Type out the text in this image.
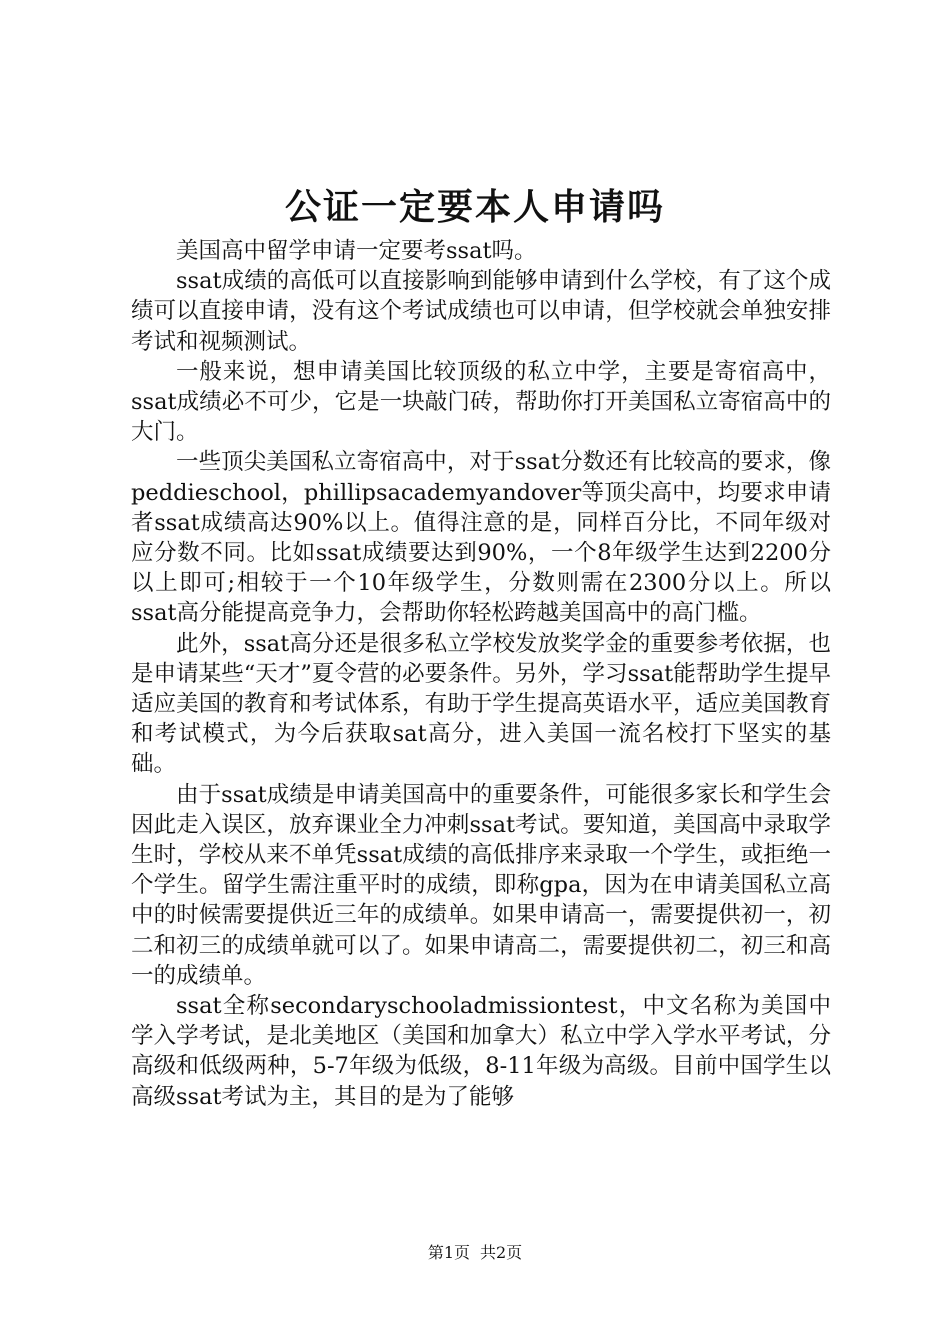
公证一定要本人申请吗

美国高中留学申请一定要考ssat吗。

ssat成绩的高低可以直接影响到能够申请到什么学校，有了这个成绩可以直接申请，没有这个考试成绩也可以申请，但学校就会单独安排考试和视频测试。

一般来说，想申请美国比较顶级的私立中学，主要是寄宿高中，ssat成绩必不可少，它是一块敲门砖，帮助你打开美国私立寄宿高中的大门。

一些顶尖美国私立寄宿高中，对于ssat分数还有比较高的要求，像peddieschool，phillipsacademyandover等顶尖高中，均要求申请者ssat成绩高达90%以上。值得注意的是，同样百分比，不同年级对应分数不同。比如ssat成绩要达到90%，一个8年级学生达到2200分以上即可;相较于一个10年级学生，分数则需在2300分以上。所以ssat高分能提高竞争力，会帮助你轻松跨越美国高中的高门槛。

此外，ssat高分还是很多私立学校发放奖学金的重要参考依据，也是申请某些“天才”夏令营的必要条件。另外，学习ssat能帮助学生提早适应美国的教育和考试体系，有助于学生提高英语水平，适应美国教育和考试模式，为今后获取sat高分，进入美国一流名校打下坚实的基础。

由于ssat成绩是申请美国高中的重要条件，可能很多家长和学生会因此走入误区，放弃课业全力冲刺ssat考试。要知道，美国高中录取学生时，学校从来不单凭ssat成绩的高低排序来录取一个学生，或拒绝一个学生。留学生需注重平时的成绩，即称gpa，因为在申请美国私立高中的时候需要提供近三年的成绩单。如果申请高一，需要提供初一，初二和初三的成绩单就可以了。如果申请高二，需要提供初二，初三和高一的成绩单。

ssat全称secondaryschooladmissiontest，中文名称为美国中学入学考试，是北美地区（美国和加拿大）私立中学入学水平考试，分高级和低级两种，5-7年级为低级，8-11年级为高级。目前中国学生以高级ssat考试为主，其目的是为了能够

第1页 共2页
